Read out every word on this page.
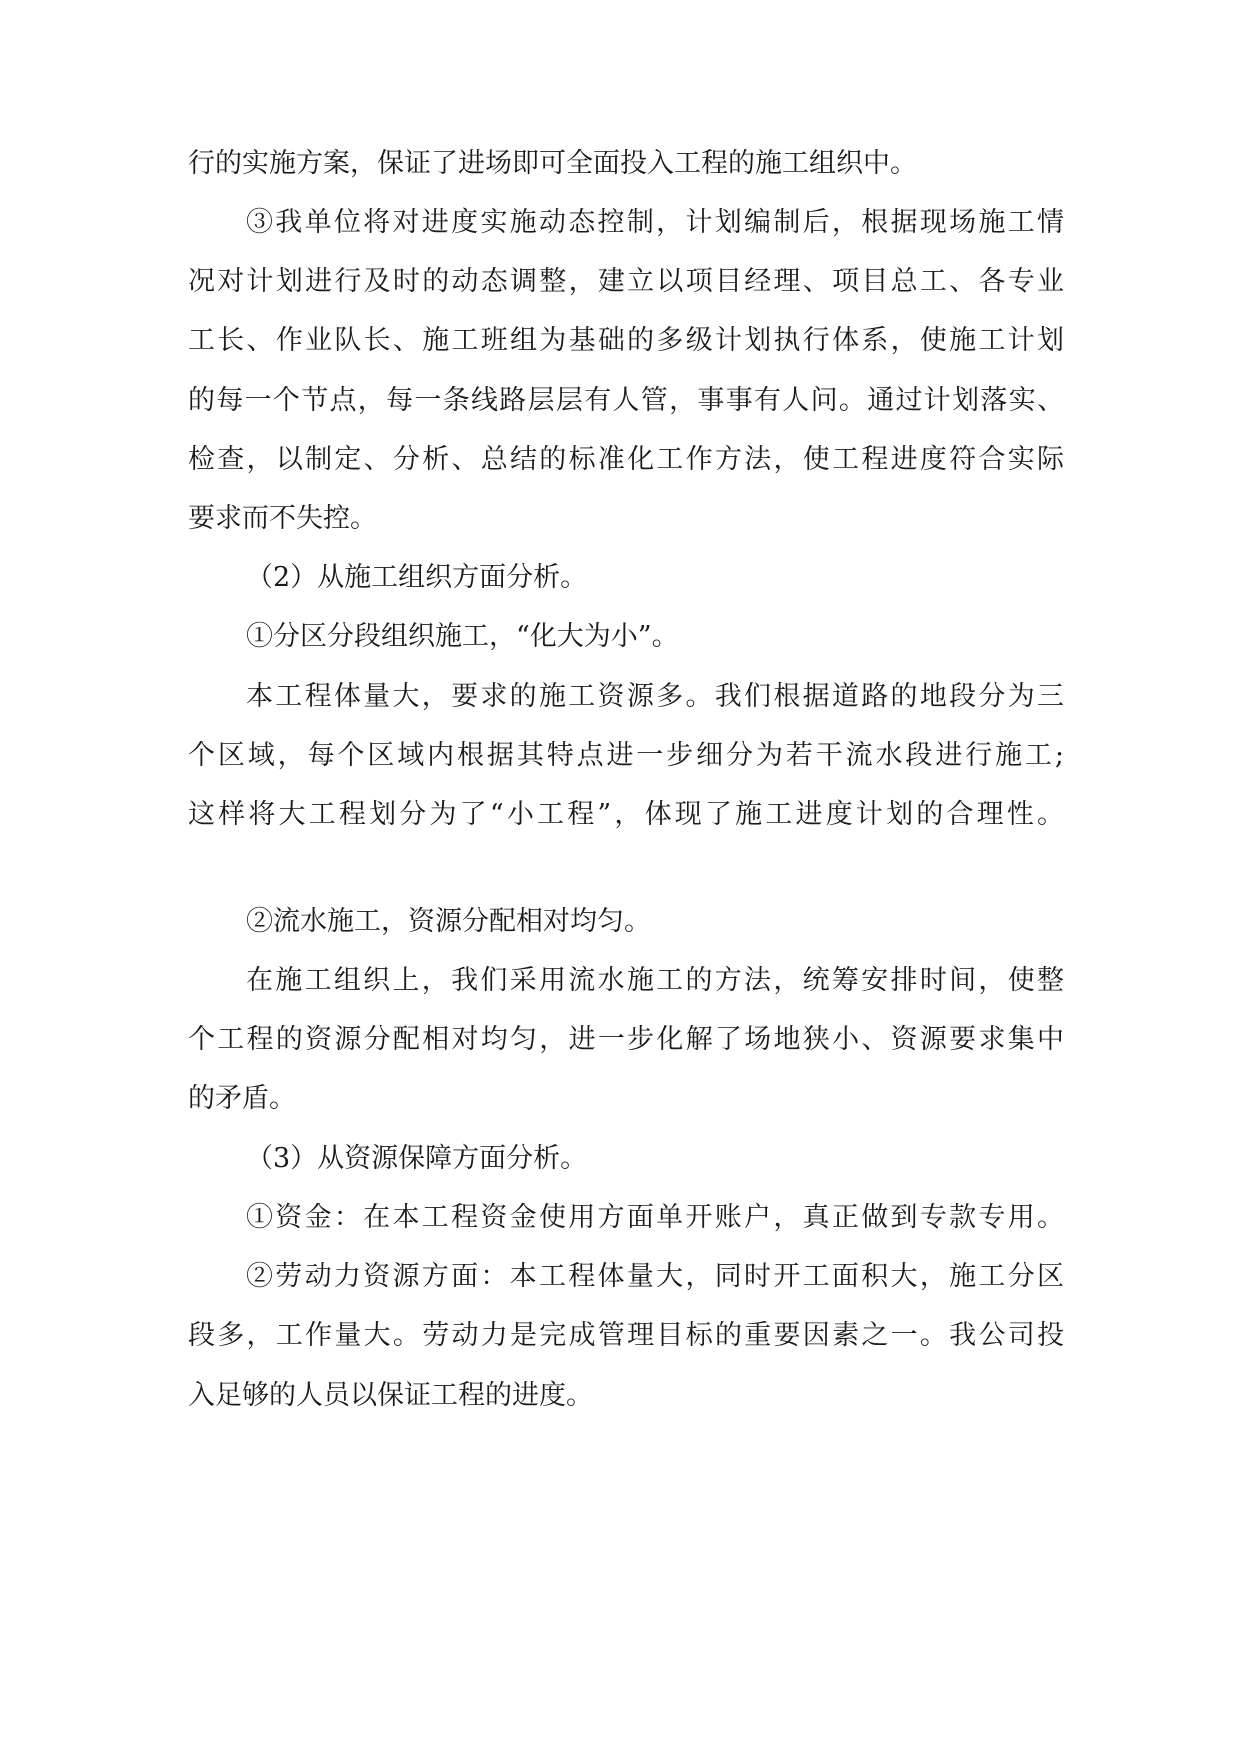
行的实施方案，保证了进场即可全面投入工程的施工组织中。

③我单位将对进度实施动态控制，计划编制后，根据现场施工情

况对计划进行及时的动态调整，建立以项目经理、项目总工、各专业

工长、作业队长、施工班组为基础的多级计划执行体系，使施工计划

的每一个节点，每一条线路层层有人管，事事有人问。通过计划落实、

检查，以制定、分析、总结的标准化工作方法，使工程进度符合实际

要求而不失控。

（2）从施工组织方面分析。

①分区分段组织施工，“化大为小”。

本工程体量大，要求的施工资源多。我们根据道路的地段分为三

个区域，每个区域内根据其特点进一步细分为若干流水段进行施工;

这样将大工程划分为了“小工程”，体现了施工进度计划的合理性。

②流水施工，资源分配相对均匀。

在施工组织上，我们采用流水施工的方法，统筹安排时间，使整

个工程的资源分配相对均匀，进一步化解了场地狭小、资源要求集中

的矛盾。

（3）从资源保障方面分析。

①资金：在本工程资金使用方面单开账户，真正做到专款专用。

②劳动力资源方面：本工程体量大，同时开工面积大，施工分区

段多，工作量大。劳动力是完成管理目标的重要因素之一。我公司投

入足够的人员以保证工程的进度。
